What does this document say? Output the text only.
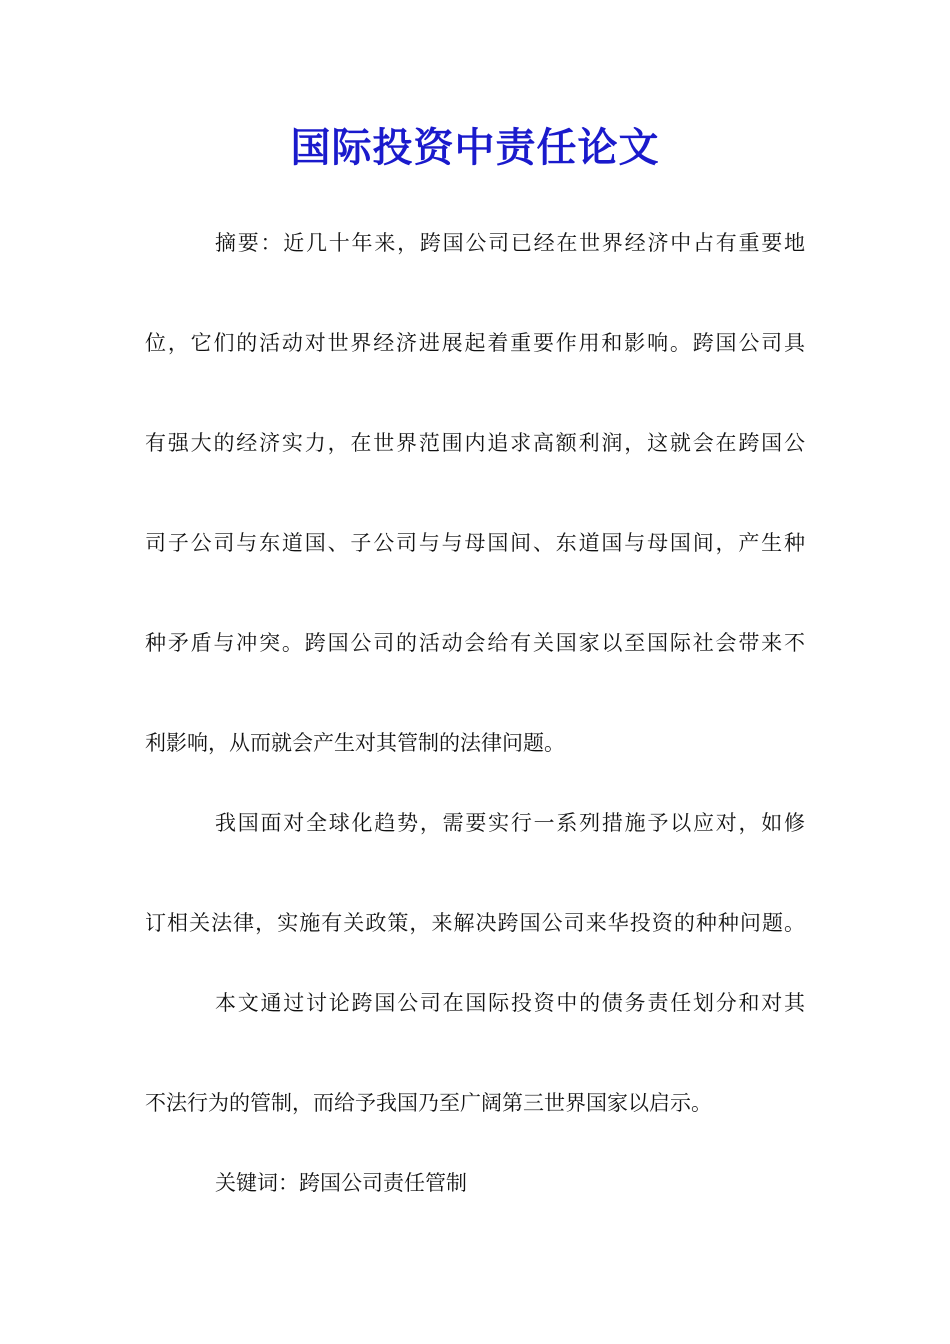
国际投资中责任论文

摘要：近几十年来，跨国公司已经在世界经济中占有重要地

位，它们的活动对世界经济进展起着重要作用和影响。跨国公司具

有强大的经济实力，在世界范围内追求高额利润，这就会在跨国公

司子公司与东道国、子公司与与母国间、东道国与母国间，产生种

种矛盾与冲突。跨国公司的活动会给有关国家以至国际社会带来不

利影响，从而就会产生对其管制的法律问题。

我国面对全球化趋势，需要实行一系列措施予以应对，如修

订相关法律，实施有关政策，来解决跨国公司来华投资的种种问题。

本文通过讨论跨国公司在国际投资中的债务责任划分和对其

不法行为的管制，而给予我国乃至广阔第三世界国家以启示。

关键词：跨国公司责任管制
